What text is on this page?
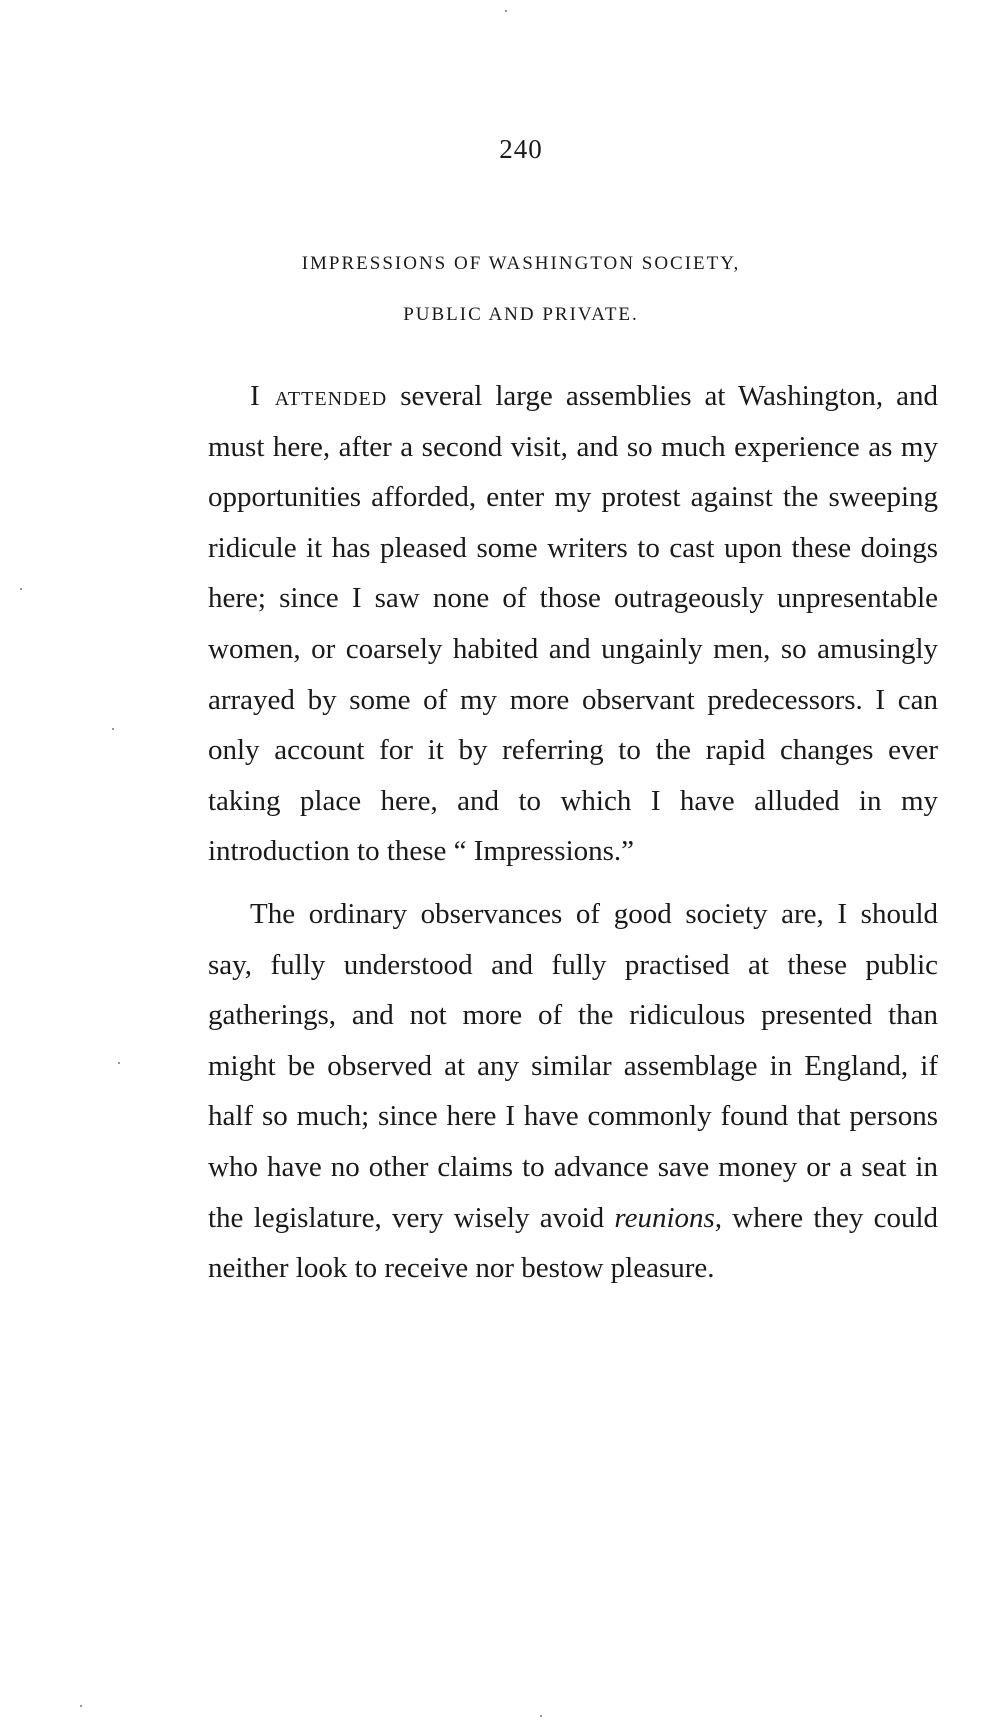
240
IMPRESSIONS OF WASHINGTON SOCIETY,
PUBLIC AND PRIVATE.

I attended several large assemblies at Washington, and must here, after a second visit, and so much experience as my opportunities afforded, enter my protest against the sweeping ridicule it has pleased some writers to cast upon these doings here; since I saw none of those outrageously unpresentable women, or coarsely habited and ungainly men, so amusingly arrayed by some of my more observant predecessors. I can only account for it by referring to the rapid changes ever taking place here, and to which I have alluded in my introduction to these “ Impressions.”

The ordinary observances of good society are, I should say, fully understood and fully practised at these public gatherings, and not more of the ridiculous presented than might be observed at any similar assemblage in England, if half so much; since here I have commonly found that persons who have no other claims to advance save money or a seat in the legislature, very wisely avoid reunions, where they could neither look to receive nor bestow pleasure.
